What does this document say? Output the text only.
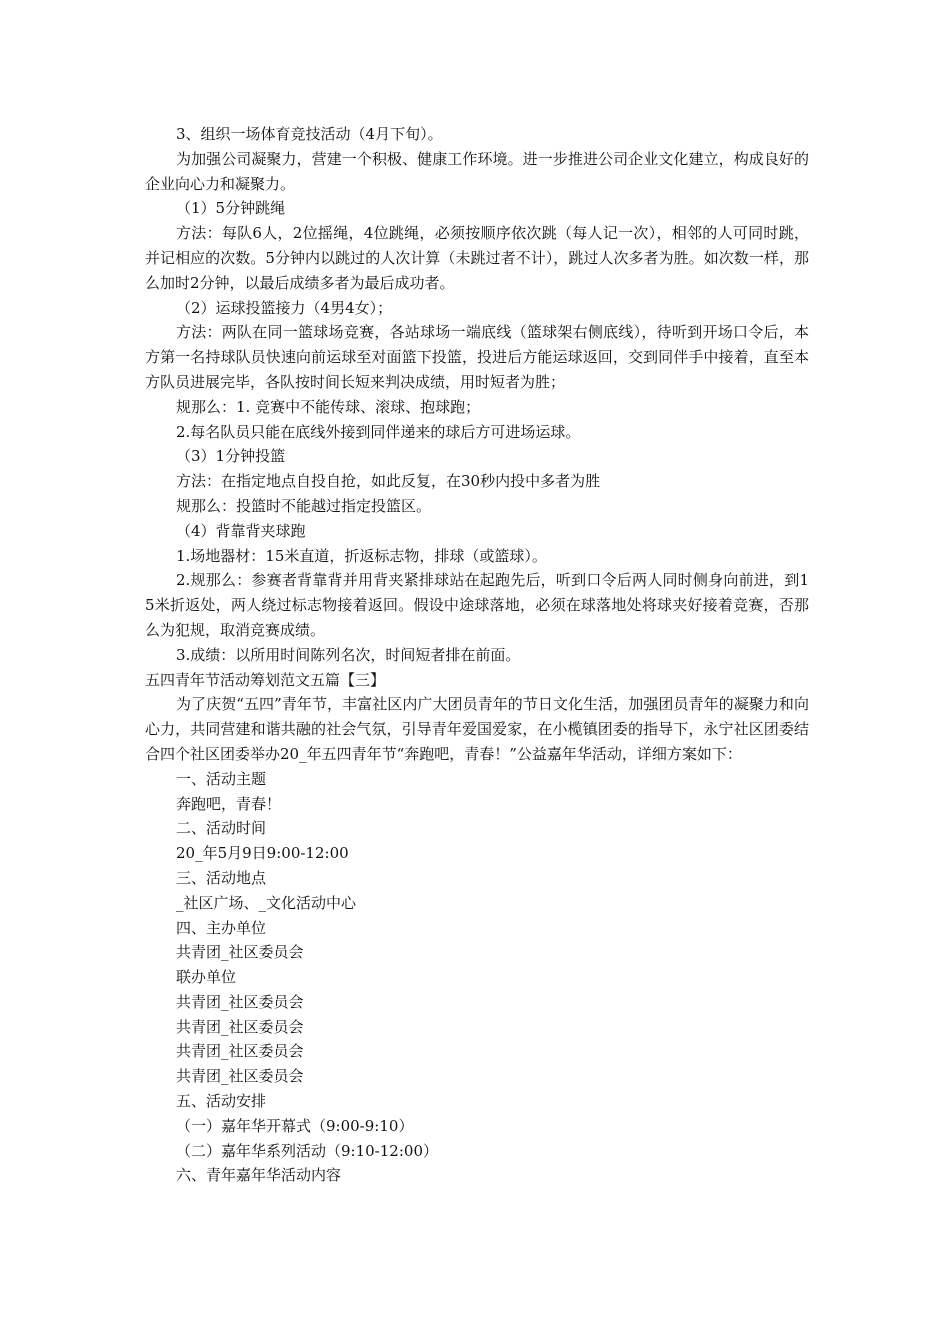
3、组织一场体育竞技活动（4月下旬）。

为加强公司凝聚力，营建一个积极、健康工作环境。进一步推进公司企业文化建立，构成良好的企业向心力和凝聚力。

（1）5分钟跳绳

方法：每队6人，2位摇绳，4位跳绳，必须按顺序依次跳（每人记一次），相邻的人可同时跳，并记相应的次数。5分钟内以跳过的人次计算（未跳过者不计），跳过人次多者为胜。如次数一样，那么加时2分钟，以最后成绩多者为最后成功者。

（2）运球投篮接力（4男4女）；

方法：两队在同一篮球场竞赛，各站球场一端底线（篮球架右侧底线），待听到开场口令后，本方第一名持球队员快速向前运球至对面篮下投篮，投进后方能运球返回，交到同伴手中接着，直至本方队员进展完毕，各队按时间长短来判决成绩，用时短者为胜；

规那么：1. 竞赛中不能传球、滚球、抱球跑；

2.每名队员只能在底线外接到同伴递来的球后方可进场运球。

（3）1分钟投篮

方法：在指定地点自投自抢，如此反复，在30秒内投中多者为胜

规那么：投篮时不能越过指定投篮区。

（4）背靠背夹球跑

1.场地器材：15米直道，折返标志物，排球（或篮球）。

2.规那么：参赛者背靠背并用背夹紧排球站在起跑先后，听到口令后两人同时侧身向前进，到15米折返处，两人绕过标志物接着返回。假设中途球落地，必须在球落地处将球夹好接着竞赛，否那么为犯规，取消竞赛成绩。

3.成绩：以所用时间陈列名次，时间短者排在前面。

五四青年节活动筹划范文五篇【三】

为了庆贺“五四”青年节，丰富社区内广大团员青年的节日文化生活，加强团员青年的凝聚力和向心力，共同营建和谐共融的社会气氛，引导青年爱国爱家，在小榄镇团委的指导下，永宁社区团委结合四个社区团委举办20_年五四青年节“奔跑吧，青春！”公益嘉年华活动，详细方案如下：

一、活动主题

奔跑吧，青春！

二、活动时间

20_年5月9日9:00-12:00

三、活动地点

_社区广场、_文化活动中心

四、主办单位

共青团_社区委员会

联办单位

共青团_社区委员会

共青团_社区委员会

共青团_社区委员会

共青团_社区委员会

五、活动安排

（一）嘉年华开幕式（9:00-9:10）

（二）嘉年华系列活动（9:10-12:00）

六、青年嘉年华活动内容
